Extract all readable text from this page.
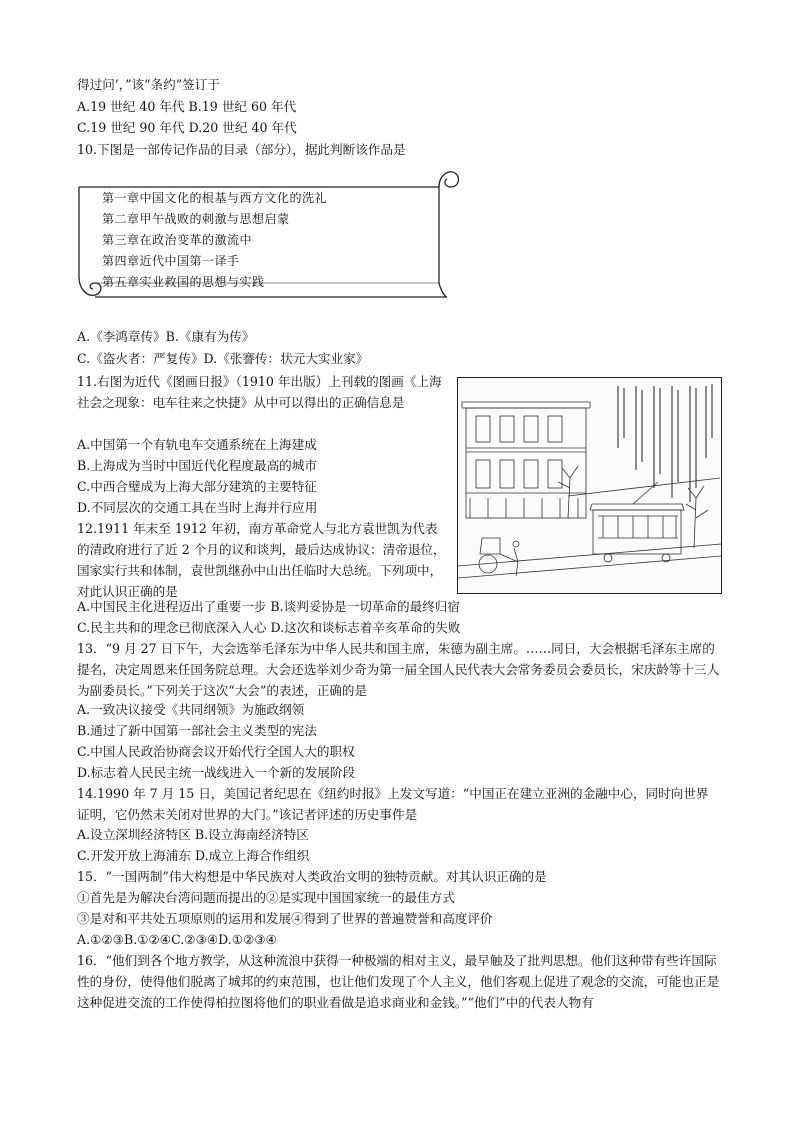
得过问’，”该“条约”签订于
A.19 世纪 40 年代 B.19 世纪 60 年代
C.19 世纪 90 年代 D.20 世纪 40 年代
10.下图是一部传记作品的目录（部分），据此判断该作品是
第一章中国文化的根基与西方文化的洗礼
第二章甲午战败的刺激与思想启蒙
第三章在政治变革的激流中
第四章近代中国第一译手
第五章实业救国的思想与实践
A.《李鸿章传》B.《康有为传》
C.《盗火者：严复传》D.《张謇传：状元大实业家》
11.右图为近代《图画日报》（1910 年出版）上刊载的图画《上海社会之现象：电车往来之快捷》从中可以得出的正确信息是
A.中国第一个有轨电车交通系统在上海建成
B.上海成为当时中国近代化程度最高的城市
C.中西合璧成为上海大部分建筑的主要特征
D.不同层次的交通工具在当时上海并行应用
12.1911 年末至 1912 年初，南方革命党人与北方袁世凯为代表的清政府进行了近 2 个月的议和谈判，最后达成协议：清帝退位，国家实行共和体制，袁世凯继孙中山出任临时大总统。下列项中，对此认识正确的是
A.中国民主化进程迈出了重要一步 B.谈判妥协是一切革命的最终归宿
C.民主共和的理念已彻底深入人心 D.这次和谈标志着辛亥革命的失败
13．“9 月 27 日下午，大会选举毛泽东为中华人民共和国主席，朱德为副主席。……同日，大会根据毛泽东主席的提名，决定周恩来任国务院总理。大会还选举刘少奇为第一届全国人民代表大会常务委员会委员长，宋庆龄等十三人为副委员长。”下列关于这次“大会”的表述，正确的是
A.一致决议接受《共同纲领》为施政纲领
B.通过了新中国第一部社会主义类型的宪法
C.中国人民政治协商会议开始代行全国人大的职权
D.标志着人民民主统一战线进入一个新的发展阶段
14.1990 年 7 月 15 日，美国记者纪思在《纽约时报》上发文写道：“中国正在建立亚洲的金融中心，同时向世界证明，它仍然未关闭对世界的大门。”该记者评述的历史事件是
A.设立深圳经济特区 B.设立海南经济特区
C.开发开放上海浦东 D.成立上海合作组织
15．“一国两制”伟大构想是中华民族对人类政治文明的独特贡献。对其认识正确的是
①首先是为解决台湾问题而提出的②是实现中国国家统一的最佳方式
③是对和平共处五项原则的运用和发展④得到了世界的普遍赞誉和高度评价
A.①②③B.①②④C.②③④D.①②③④
16．“他们到各个地方教学，从这种流浪中获得一种极端的相对主义，最早触及了批判思想。他们这种带有些许国际性的身份，使得他们脱离了城邦的约束范围，也让他们发现了个人主义，他们客观上促进了观念的交流，可能也正是这种促进交流的工作使得柏拉图将他们的职业看做是追求商业和金钱。”“他们”中的代表人物有
